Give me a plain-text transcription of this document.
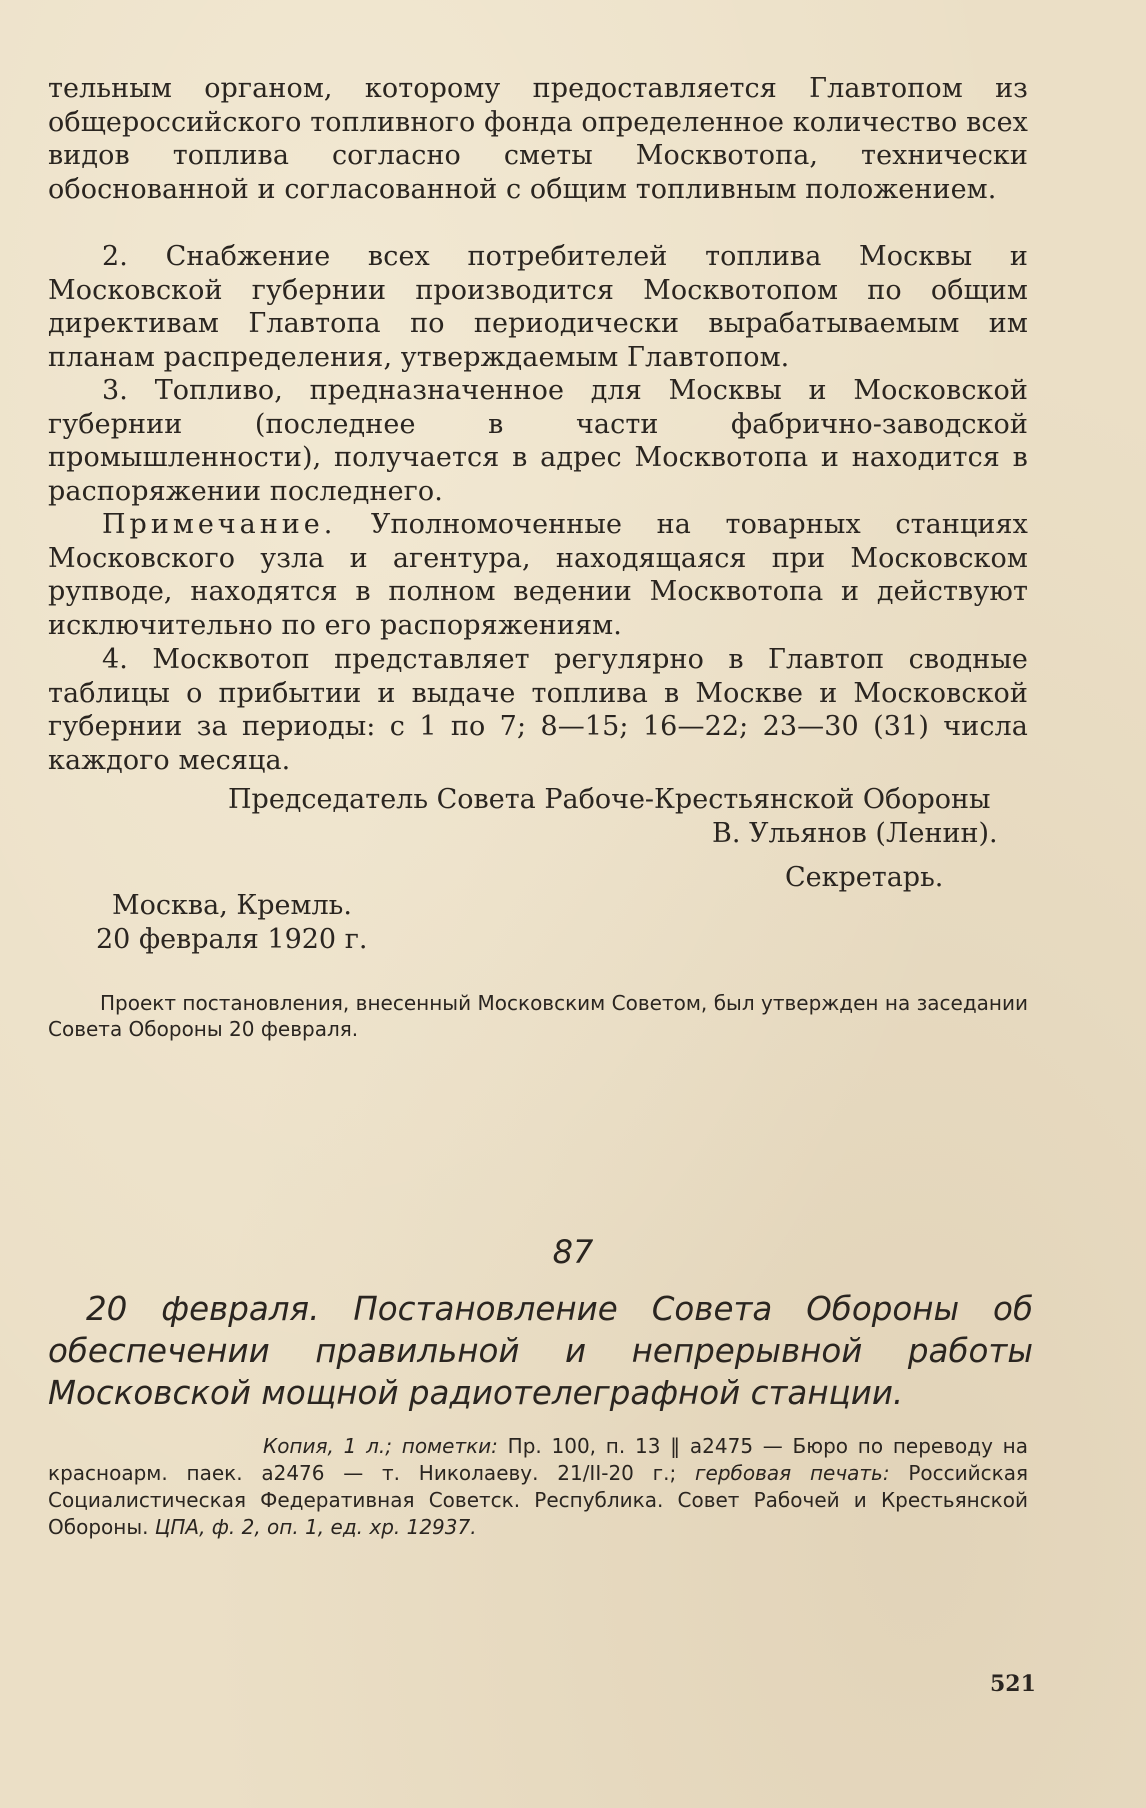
тельным органом, которому предоставляется Главтопом из общероссийского топливного фонда определенное количество всех видов топлива согласно сметы Москвотопа, технически обоснованной и согласованной с общим топливным положением.

2. Снабжение всех потребителей топлива Москвы и Московской губернии производится Москвотопом по общим директивам Главтопа по периодически вырабатываемым им планам распределения, утверждаемым Главтопом.

3. Топливо, предназначенное для Москвы и Московской губернии (последнее в части фабрично-заводской промышленности), получается в адрес Москвотопа и находится в распоряжении последнего.

Примечание. Уполномоченные на товарных станциях Московского узла и агентура, находящаяся при Московском рупводе, находятся в полном ведении Москвотопа и действуют исключительно по его распоряжениям.

4. Москвотоп представляет регулярно в Главтоп сводные таблицы о прибытии и выдаче топлива в Москве и Московской губернии за периоды: с 1 по 7; 8—15; 16—22; 23—30 (31) числа каждого месяца.

Председатель Совета Рабоче-Крестьянской Обороны
В. Ульянов (Ленин).
Секретарь.
Москва, Кремль.
20 февраля 1920 г.

Проект постановления, внесенный Московским Советом, был утвержден на заседании Совета Обороны 20 февраля.

87

20 февраля. Постановление Совета Обороны об обеспечении правильной и непрерывной работы Московской мощной радиотелеграфной станции.

Копия, 1 л.; пометки: Пр. 100, п. 13 ‖ а2475 — Бюро по переводу на красноарм. паек. а2476 — т. Николаеву. 21/II-20 г.; гербовая печать: Российская Социалистическая Федеративная Советск. Республика. Совет Рабочей и Крестьянской Обороны. ЦПА, ф. 2, оп. 1, ед. хр. 12937.

521
